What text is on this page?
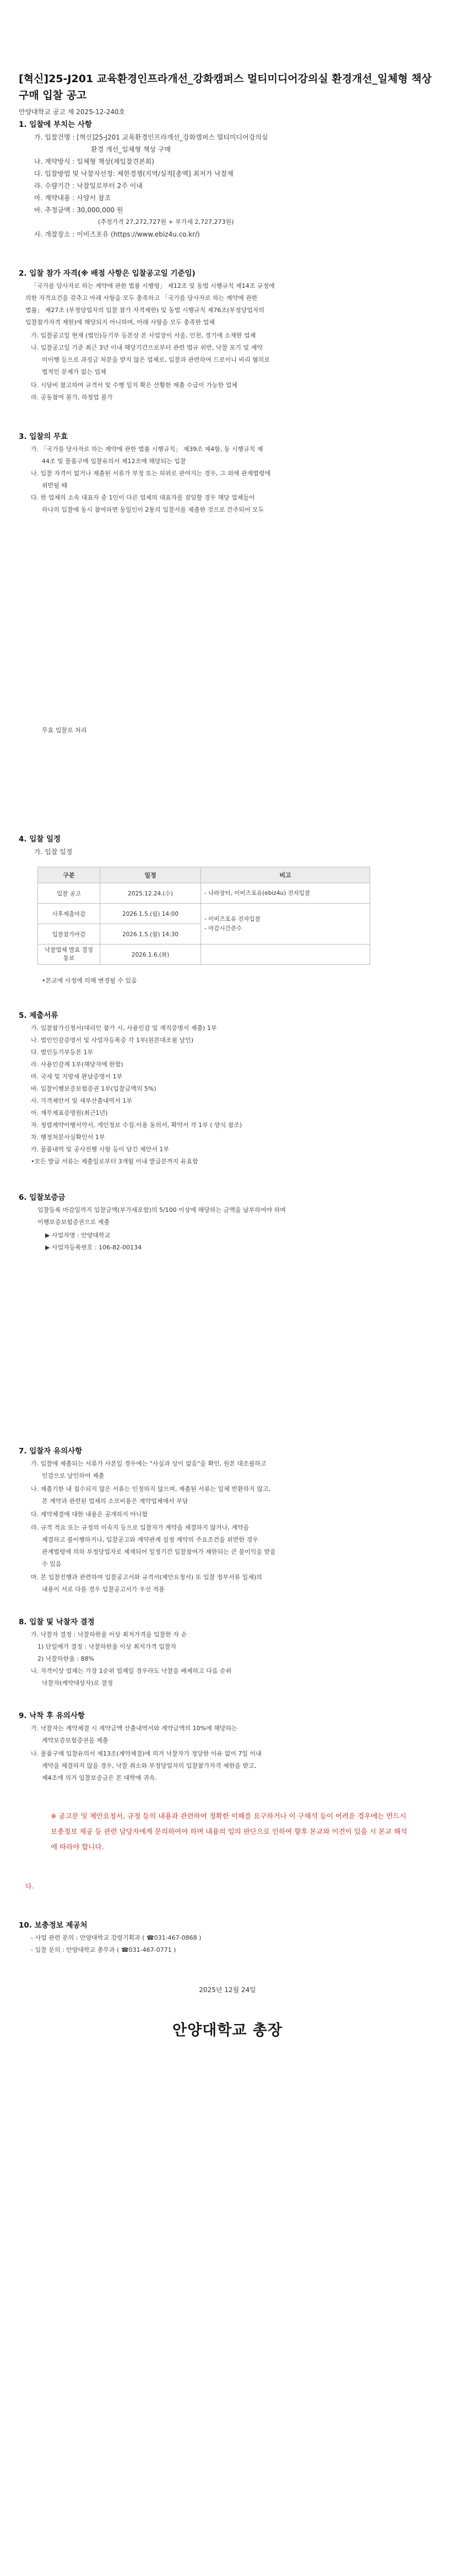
[혁신]25-J201 교육환경인프라개선_강화캠퍼스 멀티미디어강의실 환경개선_일체형 책상 구매 입찰 공고
안양대학교 공고 제 2025-12-240호
1. 입찰에 부치는 사항
가. 입찰건명 : [혁신]25-J201 교육환경인프라개선_강화캠퍼스 멀티미디어강의실
환경 개선_일체형 책상 구매
나. 계약방식 : 일체형 책상(제입찰견본회)
다. 입찰방법 및 낙찰자선정: 제한경쟁(지역/실적[총액] 최저가 낙찰제
라. 수량기간 : 낙찰일로부터 2주 이내
마. 계약내용 : 사양서 참조
바. 추정금액 : 30,000,000 원
(추정가격 27,272,727원 + 부가세 2,727,273원)
사. 개찰장소 : 이비즈포유 (https://www.ebiz4u.co.kr/)
2. 입찰 참가 자격(※ 배점 사항은 입찰공고일 기준임)
「국가를 당사자로 하는 계약에 관한 법률 시행령」 제12조 및 동법 시행규칙 제14조 규정에
의한 자격요건을 갖추고 아래 사항을 모두 충족하고 「국가를 당사자로 하는 계약에 관한
법률」 제27조 (부정당업자의 입찰 참가 자격제한) 및 동법 시행규칙 제76조(부정당업자의
입찰참가자격 제한)에 해당되지 아니하며, 아래 사항을 모두 충족한 업체
가. 입찰공고일 현재 (법인)등기부 등본상 본 사업장이 서울, 인천, 경기에 소재한 업체
나. 입찰공고일 기준 최근 3년 이내 해당기간으로부터 관련 법규 위반, 낙찰 포기 및 계약
미이행 등으로 과징금 처분을 받지 않은 업체로, 입찰과 관련하여 드로이니 비리 혐의로
법적인 문제가 없는 업체
다. 시담비 참고하여 규격서 및 수행 일지 확은 산황한 제출 수급이 가능한 업체
라. 공동참여 불가, 하청업 불가
3. 입찰의 무효
가. 「국가를 당사자로 하는 계약에 관한 법률 시행규칙」 제39조 제4항, 동 시행규칙 제
44조 및 물품구매 입찰유의서 제12조에 해당되는 입찰
나. 입찰 자격이 없거나 제출된 서류가 부정 또는 허위로 판여지는 경우, 그 외에 관계법령에
위반될 때
다. 한 업체의 소속 대표자 중 1인이 다른 업체의 대표자를 겸임할 경우 해당 업체들이
하나의 입찰에 동시 참여하면 동일인이 2통의 입찰서를 제출한 것으로 간주되어 모두
무효 입찰로 처리
4. 입찰 일정
가. 입찰 일정
구분	일정	비고
입찰 공고	2025.12.24.(수)	- 나라장터, 이비즈포유(ebiz4u) 전자입찰
사후제출마감	2026.1.5.(월) 14:00	- 이비즈포유 전자입찰
- 마감시간준수

입찰참가마감	2026.1.5.(월) 14:30	
낙찰업체 발표 결정 통보	2026.1.6.(화)	
•본교에 사정에 의해 변경될 수 있음
5. 제출서류
가. 입찰참가신청서(대리인 참가 시, 사용인감 및 재직증명서 제출) 1부
나. 법인인감증명서 및 사업자등록증 각 1부(원본대조필 날인)
다. 법인등기부등본 1부
라. 사용인감계 1부(해당자에 한함)
마. 국세 및 지방세 완납증명서 1부
바. 입찰이행보증보험증권 1부(입찰금액의 5%)
사. 가격제안서 및 세부산출내역서 1부
아. 재무제표증명원(최근1년)
자. 청렴계약이행서약서, 개인정보 수집.이용 동의서, 확약서 각 1부 ( 양식 참조)
차. 행정처분사실확인서 1부
카. 물품내역 및 공사진행 사항 등이 담긴 제안서 1부
•모든 발급 서류는 제출일로부터 3개월 이내 발급분까지 유효함
6. 입찰보증금
입찰등록 마감일까지 입찰금액(부가세포함)의 5/100 이상에 해당하는 금액을 납부하여야 하며
이행보증보험증권으로 제출
▶ 사업자명 : 안양대학교
▶ 사업자등록번호 : 106-82-00134
7. 입찰자 유의사항
가. 입찰에 제출되는 서류가 사본일 경우에는 "사실과 상이 없음"을 확인, 원본 대조필하고
인감으로 날인하여 제출
나. 제출기한 내 접수되지 않은 서류는 인정하지 않으며, 제출된 서류는 일체 반환하지 않고,
본 계약과 관련된 업체의 소모비용은 계약업체에서 부담
다. 계약체결에 대한 내용은 공개하지 아니함
라. 규격 적요 또는 규정의 미숙지 등으로 입찰자가 계약을 체결하지 않거나, 계약을
체결하고 불이행하거나, 입찰공고와 계약관계 설정 계약의 주요조건을 위반한 경우
관계법령에 의하 부정당업자로 제재되어 일정기간 입찰참여가 제한되는 큰 불이익을 받을
수 있음
마. 본 입찰진행과 관련하여 입찰공고서와 규격서(제안요청서) 또 입찰 정부서류 일체)의
내용이 서로 다를 경우 입찰공고서가 우선 적용
8. 입찰 및 낙찰자 결정
가. 낙찰자 결정 : 낙찰하한율 이상 최저가격을 입찰한 자 순
1) 단일예가 결정 : 낙찰하한율 이상 최저가격 입찰자
2) 낙찰하한율 : 88%
나. 자격이상 업체는 가장 1순위 업체일 경우라도 낙찰을 배제하고 다음 순위
낙찰자(계약대상자)로 결정
9. 낙착 후 유의사항
가. 낙찰자는 계약체결 시 계약금액 산출내역서와 계약금액의 10%에 해당하는
계약보증보험증권을 제출
나. 물품구매 입찰유의서 제13조(계약체결)에 의거 낙찰자가 정당한 이유 없이 7일 이내
계약을 체결하지 않을 경우, 낙찰 취소와 부정당업자의 입찰참가자격 제한을 받고,
제4조에 의거 입찰보증금은 본 대학에 귀속.
※ 공고문 및 제안요청서, 규정 등의 내용과 관련하여 정확한 이해를 요구하거나 이 구해석 등이 어려운 경우에는 반드시 보충정보 제공 등 관련 담당자에게 문의하여야 하며 내용의 임의 판단으로 인하여 향후 본교와 이견이 있을 시 본교 해석에 따라야 합니다.
다.
10. 보충정보 제공처
- 사업 관련 문의 : 안양대학교 강령기획과 ( ☎031-467-0868 )
- 입찰 문의 : 안양대학교 총무과 ( ☎031-467-0771 )
2025년 12월 24일
안양대학교 총장
